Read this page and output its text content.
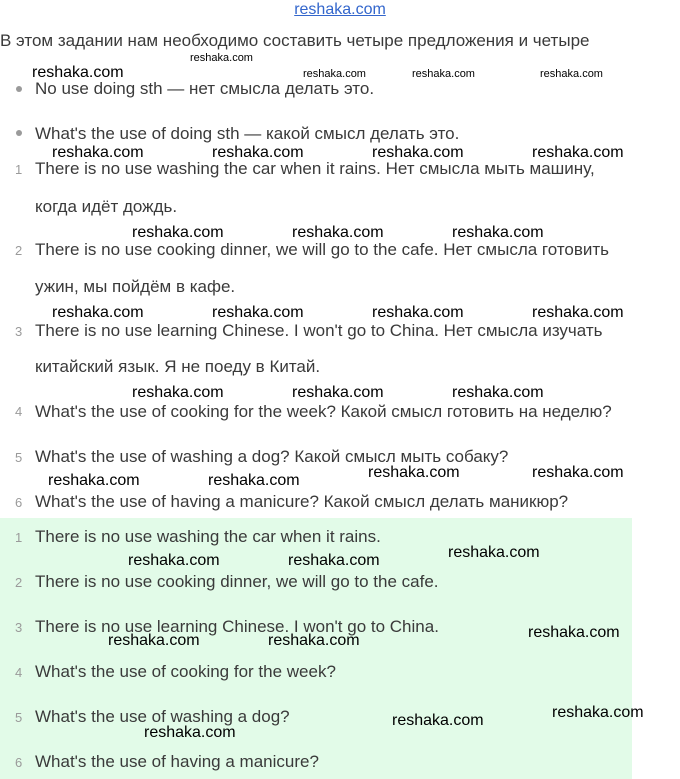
reshaka.com
В этом задании нам необходимо составить четыре предложения и четыре
reshaka.com
reshaka.com
reshaka.com	reshaka.com	reshaka.com
No use doing sth — нет смысла делать это.
What's the use of doing sth — какой смысл делать это.
1 There is no use washing the car when it rains. Нет смысла мыть машину,
когда идёт дождь.
2 There is no use cooking dinner, we will go to the cafe. Нет смысла готовить
ужин, мы пойдём в кафе.
3 There is no use learning Chinese. I won't go to China. Нет смысла изучать
китайский язык. Я не поеду в Китай.
4 What's the use of cooking for the week? Какой смысл готовить на неделю?
5 What's the use of washing a dog? Какой смысл мыть собаку?
6 What's the use of having a manicure? Какой смысл делать маникюр?
1 There is no use washing the car when it rains.
2 There is no use cooking dinner, we will go to the cafe.
3 There is no use learning Chinese. I won't go to China.
4 What's the use of cooking for the week?
5 What's the use of washing a dog?
6 What's the use of having a manicure?
reshaka.com	reshaka.com	reshaka.com	reshaka.com
reshaka.com	reshaka.com	reshaka.com
reshaka.com	reshaka.com	reshaka.com	reshaka.com
reshaka.com	reshaka.com	reshaka.com
reshaka.com	reshaka.com
reshaka.com	reshaka.com
reshaka.com
reshaka.com	reshaka.com
reshaka.com
reshaka.com	reshaka.com
reshaka.com
reshaka.com
reshaka.com
